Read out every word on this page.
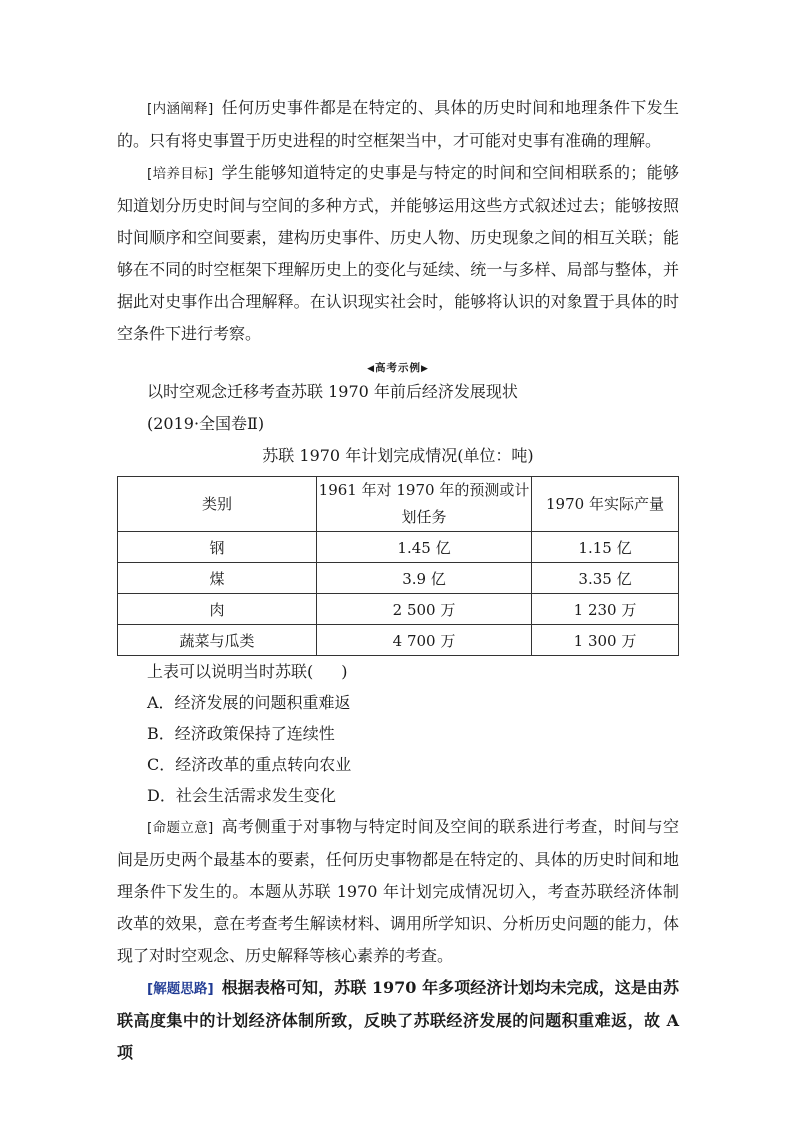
[内涵阐释] 任何历史事件都是在特定的、具体的历史时间和地理条件下发生的。只有将史事置于历史进程的时空框架当中，才可能对史事有准确的理解。

[培养目标] 学生能够知道特定的史事是与特定的时间和空间相联系的；能够知道划分历史时间与空间的多种方式，并能够运用这些方式叙述过去；能够按照时间顺序和空间要素，建构历史事件、历史人物、历史现象之间的相互关联；能够在不同的时空框架下理解历史上的变化与延续、统一与多样、局部与整体，并据此对史事作出合理解释。在认识现实社会时，能够将认识的对象置于具体的时空条件下进行考察。

◀高考示例▶

以时空观念迁移考查苏联 1970 年前后经济发展现状

(2019·全国卷Ⅱ)

苏联 1970 年计划完成情况(单位：吨)

类别	1961 年对 1970 年的预测或计划任务	1970 年实际产量
钢	1.45 亿	1.15 亿
煤	3.9 亿	3.35 亿
肉	2 500 万	1 230 万
蔬菜与瓜类	4 700 万	1 300 万

上表可以说明当时苏联( )

A．经济发展的问题积重难返

B．经济政策保持了连续性

C．经济改革的重点转向农业

D．社会生活需求发生变化

[命题立意] 高考侧重于对事物与特定时间及空间的联系进行考查，时间与空间是历史两个最基本的要素，任何历史事物都是在特定的、具体的历史时间和地理条件下发生的。本题从苏联 1970 年计划完成情况切入，考查苏联经济体制改革的效果，意在考查考生解读材料、调用所学知识、分析历史问题的能力，体现了对时空观念、历史解释等核心素养的考查。

[解题思路] 根据表格可知，苏联 1970 年多项经济计划均未完成，这是由苏联高度集中的计划经济体制所致，反映了苏联经济发展的问题积重难返，故 A 项
